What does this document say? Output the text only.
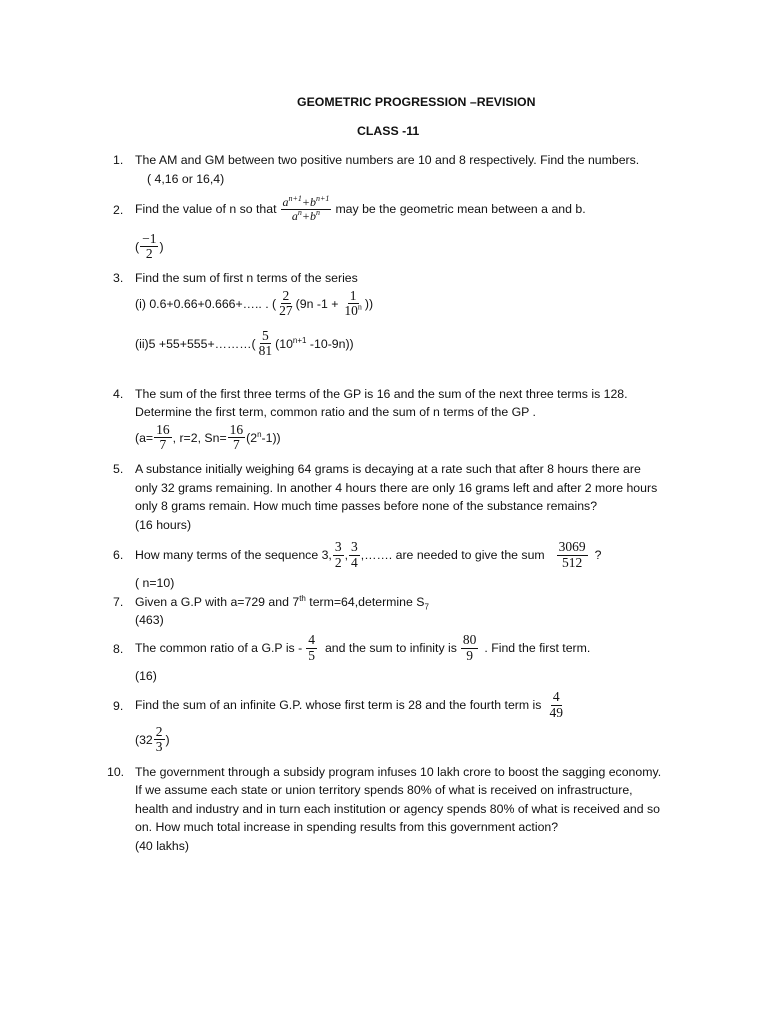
GEOMETRIC PROGRESSION –REVISION
CLASS -11
1. The AM and GM between two positive numbers are 10 and 8 respectively. Find the numbers.
( 4,16 or 16,4)
2. Find the value of n so that $\frac{a^{n+1}+b^{n+1}}{a^n+b^n}$ may be the geometric mean between a and b.
( $\frac{-1}{2}$ )
3. Find the sum of first n terms of the series
(i) 0.6+0.66+0.666+….. . ( $\frac{2}{27} (9n$ $-1 + \frac{1}{10^n}$ ))
(ii)5 +55+555+………( $\frac{5}{81} (10^{n+1}$ -10-9n))
4. The sum of the first three terms of the GP is 16 and the sum of the next three terms is 128.
Determine the first term, common ratio and the sum of n terms of the GP .
($a= \frac{16}{7}$ , r=2, $Sn= \frac{16}{7} (2^n-1)$)
5. A substance initially weighing 64 grams is decaying at a rate such that after 8 hours there are
only 32 grams remaining. In another 4 hours there are only 16 grams left and after 2 more hours
only 8 grams remain. How much time passes before none of the substance remains?
(16 hours)
6. How many terms of the sequence 3, $\frac{3}{2}$ , $\frac{3}{4}$ ,……. are needed to give the sum $\frac{3069}{512}$ ?
( n=10)
7. Given a G.P with a=729 and 7th term=64,determine $S_7$
(463)
8. The common ratio of a G.P is - $\frac{4}{5}$ and the sum to infinity is $\frac{80}{9}$ . Find the first term.
(16)
9. Find the sum of an infinite G.P. whose first term is 28 and the fourth term is $\frac{4}{49}$
($32 \frac{2}{3}$ )
10. The government through a subsidy program infuses 10 lakh crore to boost the sagging economy.
If we assume each state or union territory spends 80% of what is received on infrastructure,
health and industry and in turn each institution or agency spends 80% of what is received and so
on. How much total increase in spending results from this government action?
(40 lakhs)
